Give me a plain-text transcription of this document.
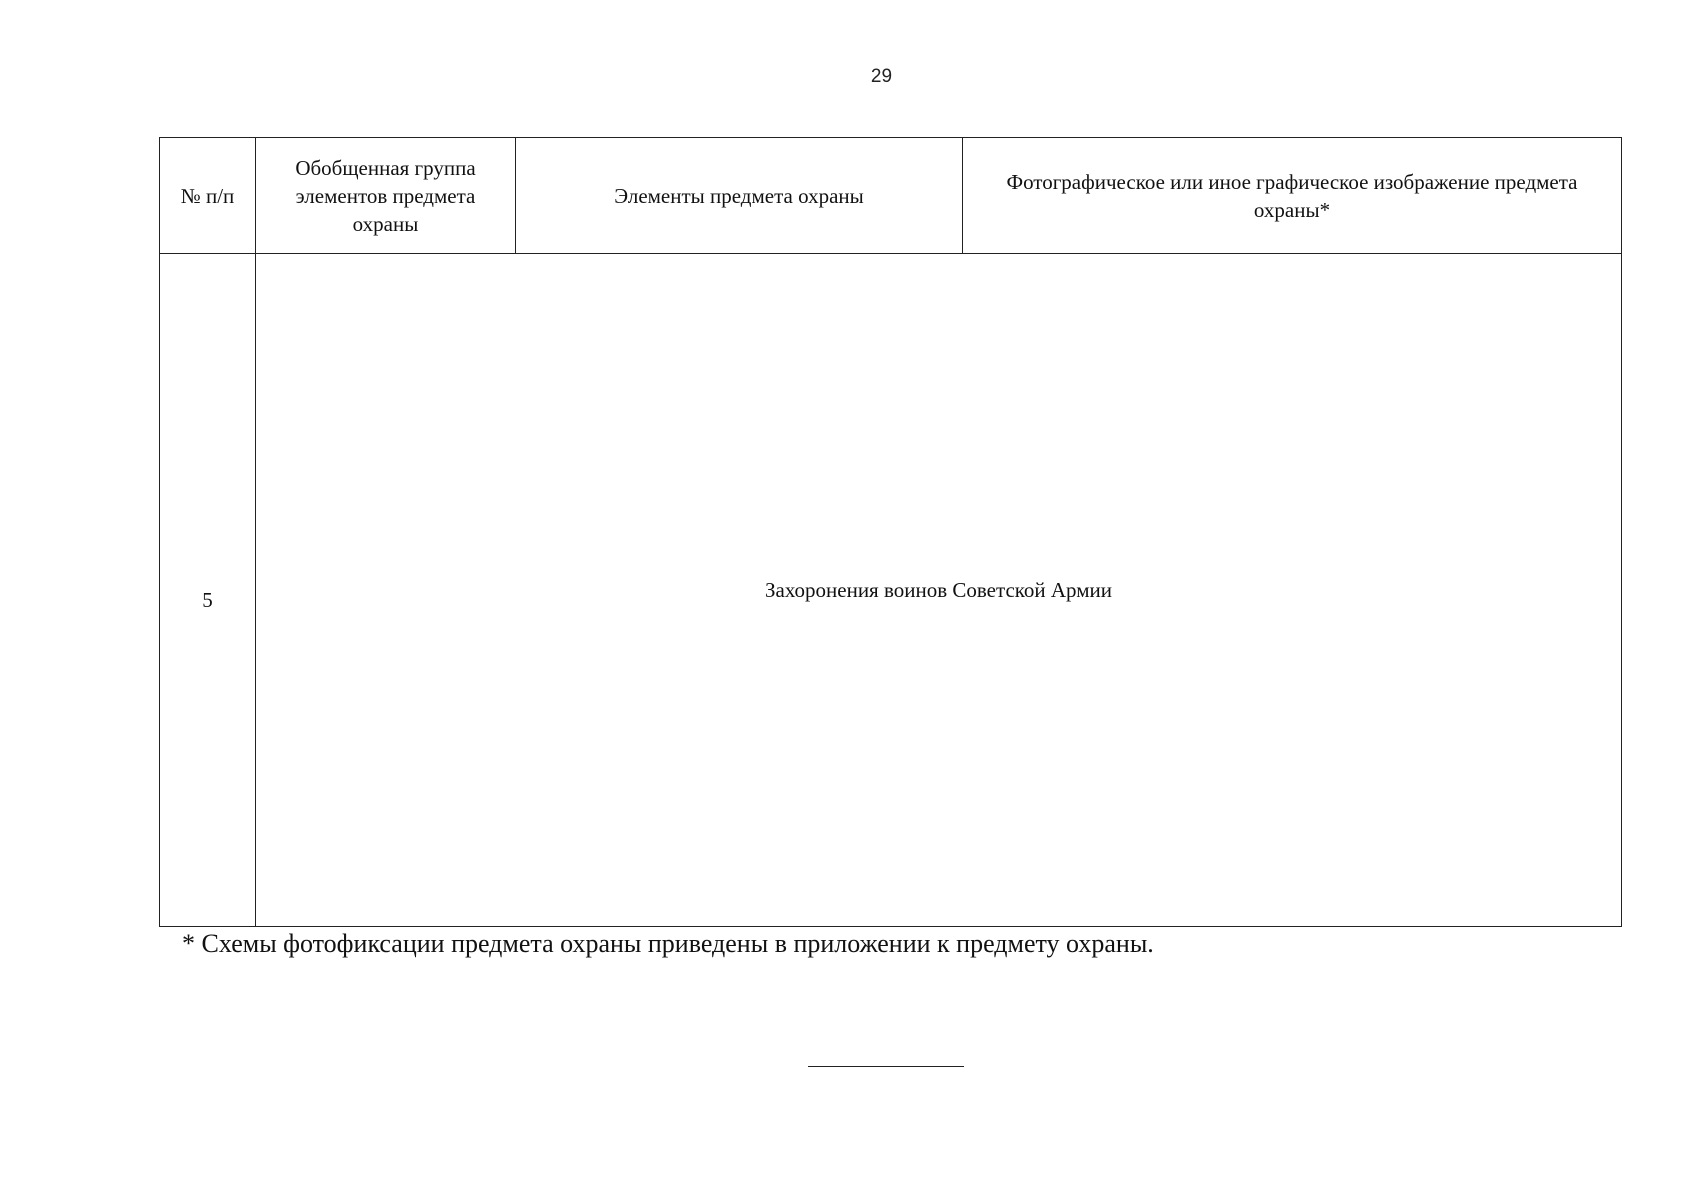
29
№ п/п	Обобщенная группа элементов предмета охраны	Элементы предмета охраны	Фотографическое или иное графическое изображение предмета охраны*
5	Захоронения воинов Советской Армии		
* Схемы фотофиксации предмета охраны приведены в приложении к предмету охраны.
